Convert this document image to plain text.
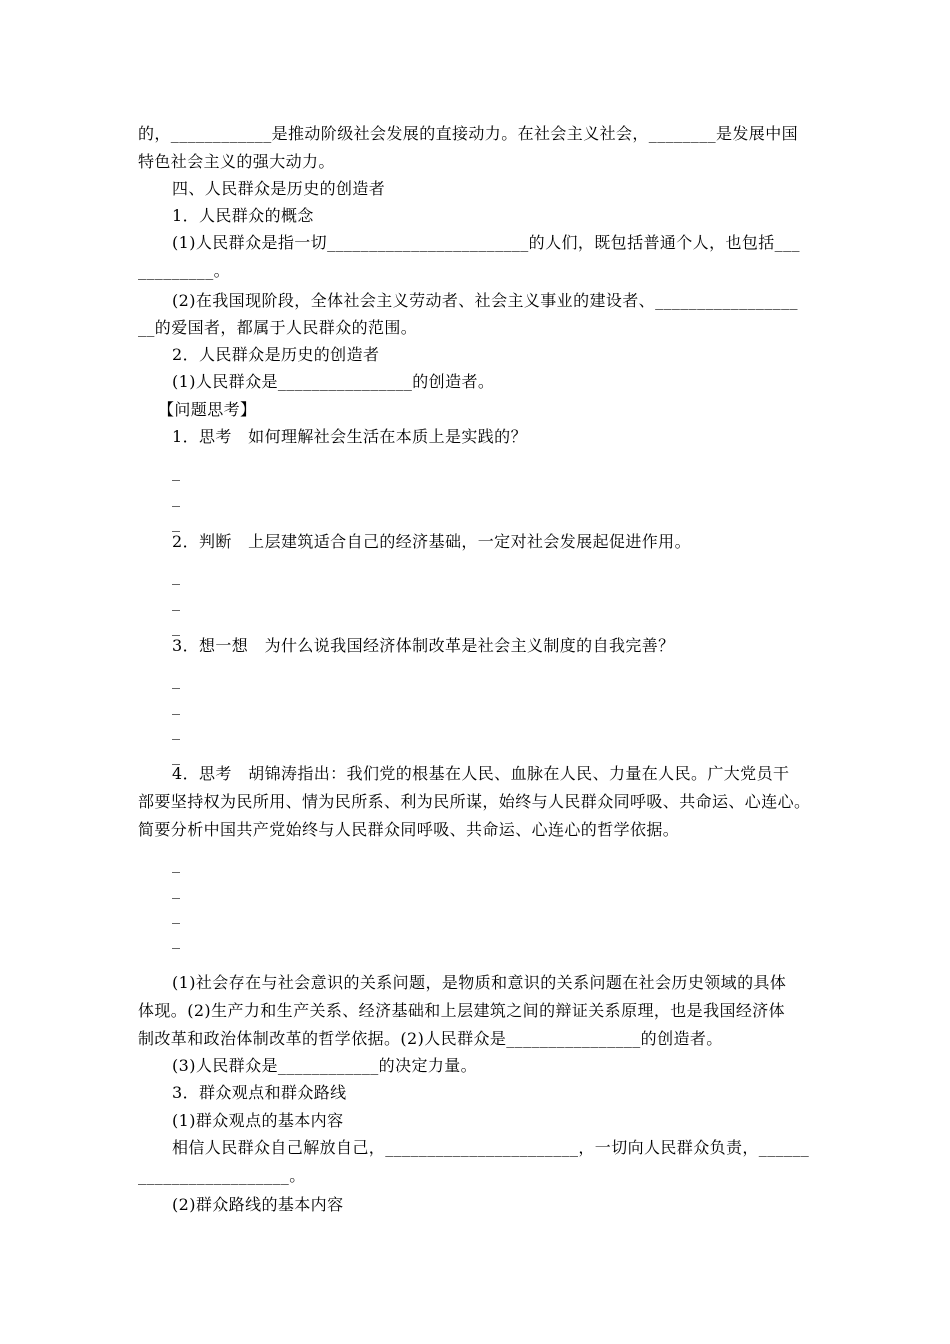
的，____________是推动阶级社会发展的直接动力。在社会主义社会，________是发展中国
特色社会主义的强大动力。
四、人民群众是历史的创造者
1．人民群众的概念
(1)人民群众是指一切________________________的人们，既包括普通个人，也包括___
_________。
(2)在我国现阶段，全体社会主义劳动者、社会主义事业的建设者、_________________
__的爱国者，都属于人民群众的范围。
2．人民群众是历史的创造者
(1)人民群众是________________的创造者。
【问题思考】
1．思考　如何理解社会生活在本质上是实践的？
_
_
_
2．判断　上层建筑适合自己的经济基础，一定对社会发展起促进作用。
_
_
_
3．想一想　为什么说我国经济体制改革是社会主义制度的自我完善？
_
_
_
_
4．思考　胡锦涛指出：我们党的根基在人民、血脉在人民、力量在人民。广大党员干
部要坚持权为民所用、情为民所系、利为民所谋，始终与人民群众同呼吸、共命运、心连心。
简要分析中国共产党始终与人民群众同呼吸、共命运、心连心的哲学依据。
_
_
_
_
(1)社会存在与社会意识的关系问题，是物质和意识的关系问题在社会历史领域的具体
体现。(2)生产力和生产关系、经济基础和上层建筑之间的辩证关系原理，也是我国经济体
制改革和政治体制改革的哲学依据。(2)人民群众是________________的创造者。
(3)人民群众是____________的决定力量。
3．群众观点和群众路线
(1)群众观点的基本内容
相信人民群众自己解放自己，_______________________，一切向人民群众负责，______
__________________。
(2)群众路线的基本内容
